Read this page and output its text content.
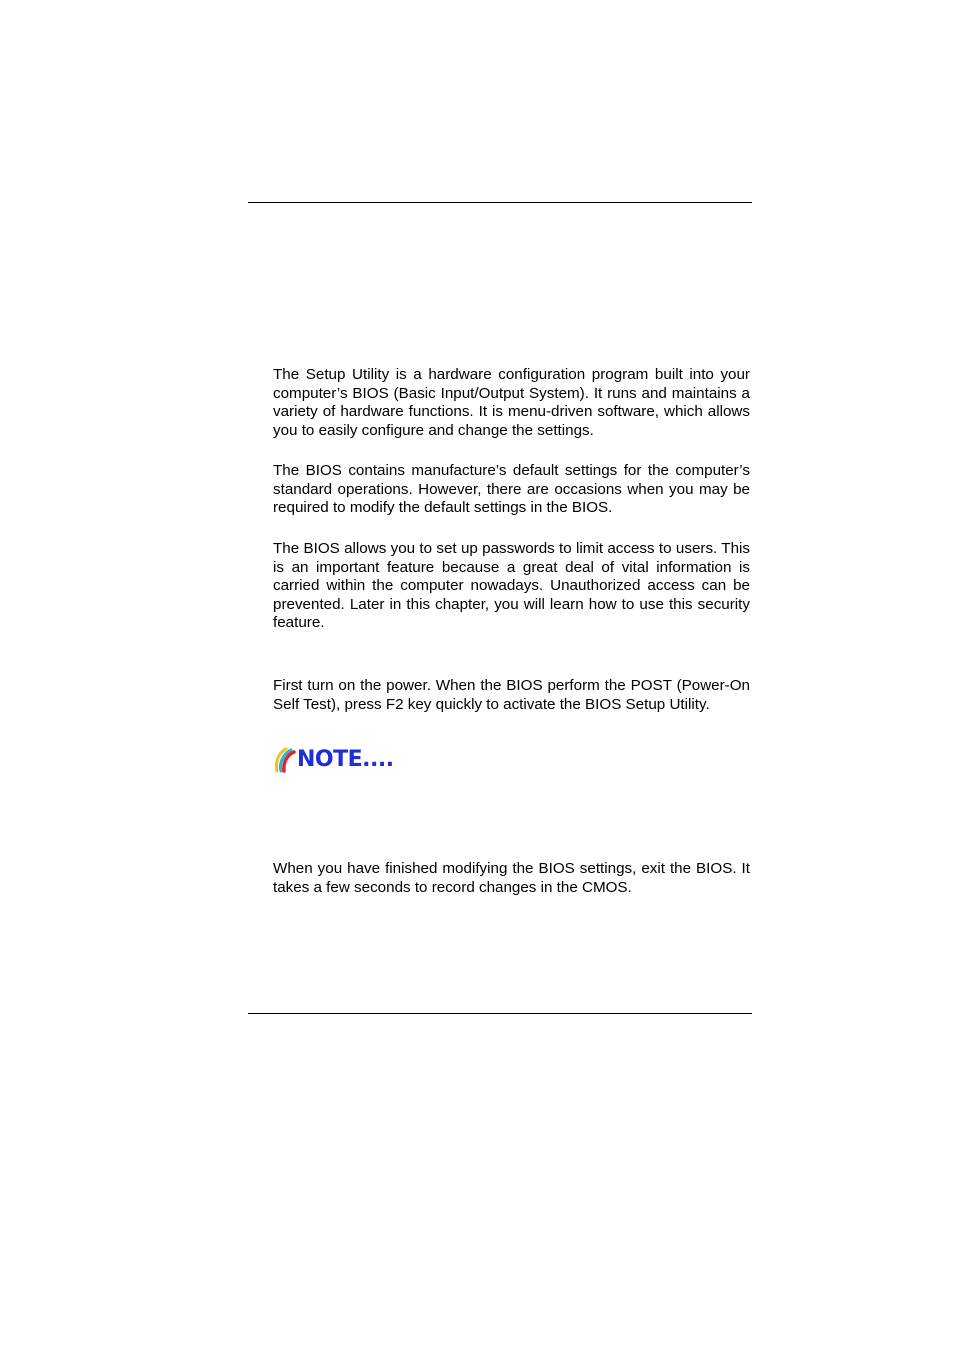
The Setup Utility is a hardware configuration program built into your computer’s BIOS (Basic Input/Output System). It runs and maintains a variety of hardware functions. It is menu-driven software, which allows you to easily configure and change the settings.

The BIOS contains manufacture’s default settings for the computer’s standard operations. However, there are occasions when you may be required to modify the default settings in the BIOS.

The BIOS allows you to set up passwords to limit access to users. This is an important feature because a great deal of vital information is carried within the computer nowadays. Unauthorized access can be prevented. Later in this chapter, you will learn how to use this security feature.

First turn on the power. When the BIOS perform the POST (Power-On Self Test), press F2 key quickly to activate the BIOS Setup Utility.

NOTE....

When you have finished modifying the BIOS settings, exit the BIOS. It takes a few seconds to record changes in the CMOS.
